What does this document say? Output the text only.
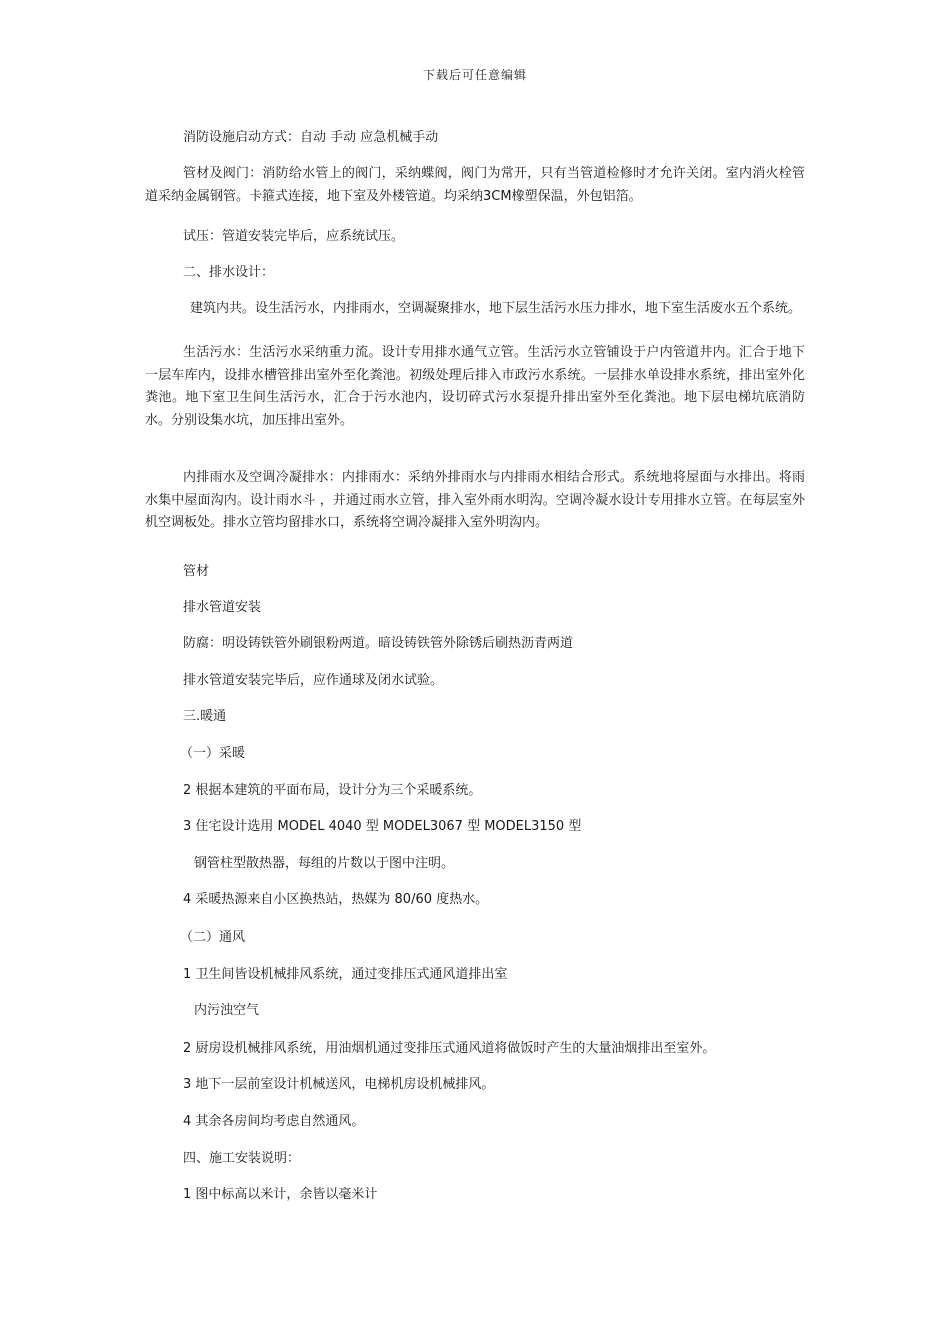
下载后可任意编辑
消防设施启动方式：自动 手动 应急机械手动
管材及阀门：消防给水管上的阀门，采纳蝶阀，阀门为常开，只有当管道检修时才允许关闭。室内消火栓管道采纳金属钢管。卡箍式连接，地下室及外楼管道。均采纳3CM橡塑保温，外包铝箔。
试压：管道安装完毕后，应系统试压。
二、排水设计：
建筑内共。设生活污水，内排雨水，空调凝聚排水，地下层生活污水压力排水，地下室生活废水五个系统。
生活污水：生活污水采纳重力流。设计专用排水通气立管。生活污水立管铺设于户内管道井内。汇合于地下一层车库内，设排水槽管排出室外至化粪池。初级处理后排入市政污水系统。一层排水单设排水系统，排出室外化粪池。地下室卫生间生活污水，汇合于污水池内，设切碎式污水泵提升排出室外至化粪池。地下层电梯坑底消防水。分别设集水坑，加压排出室外。
内排雨水及空调冷凝排水：内排雨水：采纳外排雨水与内排雨水相结合形式。系统地将屋面与水排出。将雨水集中屋面沟内。设计雨水斗 ，并通过雨水立管，排入室外雨水明沟。空调冷凝水设计专用排水立管。在每层室外机空调板处。排水立管均留排水口，系统将空调冷凝排入室外明沟内。
管材
排水管道安装
防腐：明设铸铁管外刷银粉两道。暗设铸铁管外除锈后刷热沥青两道
排水管道安装完毕后，应作通球及闭水试验。
三.暖通
（一）采暖
2 根据本建筑的平面布局，设计分为三个采暖系统。
3 住宅设计选用 MODEL 4040 型 MODEL3067 型 MODEL3150 型
钢管柱型散热器，每组的片数以于图中注明。
4 采暖热源来自小区换热站，热媒为 80/60 度热水。
（二）通风
1 卫生间皆设机械排风系统，通过变排压式通风道排出室
内污浊空气
2 厨房设机械排风系统，用油烟机通过变排压式通风道将做饭时产生的大量油烟排出至室外。
3 地下一层前室设计机械送风，电梯机房设机械排风。
4 其余各房间均考虑自然通风。
四、施工安装说明：
1 图中标高以米计，余皆以毫米计
